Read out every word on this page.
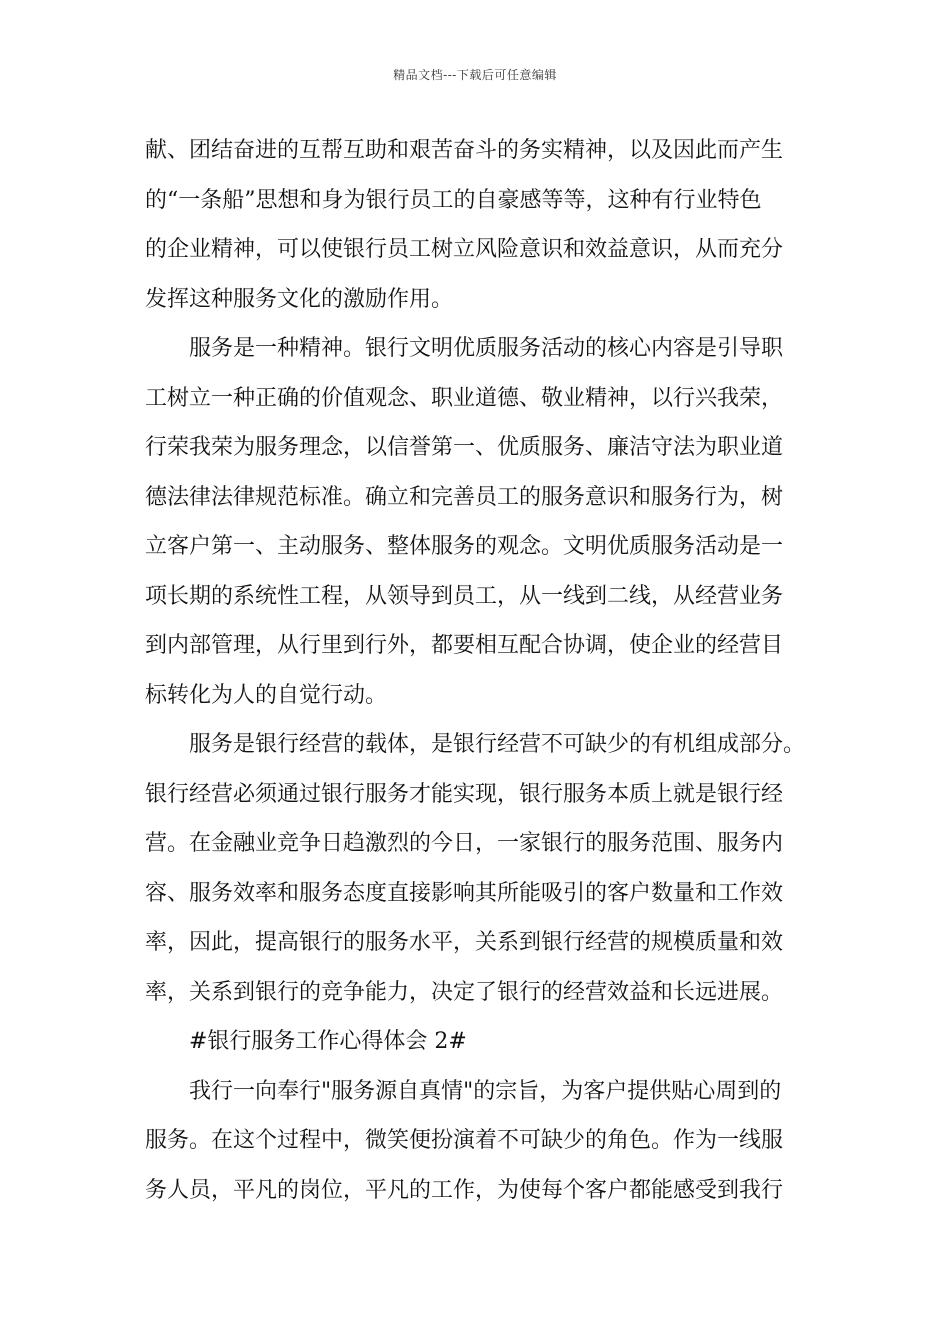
精品文档---下载后可任意编辑
献、团结奋进的互帮互助和艰苦奋斗的务实精神，以及因此而产生
的“一条船”思想和身为银行员工的自豪感等等，这种有行业特色
的企业精神，可以使银行员工树立风险意识和效益意识，从而充分
发挥这种服务文化的激励作用。
服务是一种精神。银行文明优质服务活动的核心内容是引导职
工树立一种正确的价值观念、职业道德、敬业精神，以行兴我荣，
行荣我荣为服务理念，以信誉第一、优质服务、廉洁守法为职业道
德法律法律规范标准。确立和完善员工的服务意识和服务行为，树
立客户第一、主动服务、整体服务的观念。文明优质服务活动是一
项长期的系统性工程，从领导到员工，从一线到二线，从经营业务
到内部管理，从行里到行外，都要相互配合协调，使企业的经营目
标转化为人的自觉行动。
服务是银行经营的载体，是银行经营不可缺少的有机组成部分。
银行经营必须通过银行服务才能实现，银行服务本质上就是银行经
营。在金融业竞争日趋激烈的今日，一家银行的服务范围、服务内
容、服务效率和服务态度直接影响其所能吸引的客户数量和工作效
率，因此，提高银行的服务水平，关系到银行经营的规模质量和效
率，关系到银行的竞争能力，决定了银行的经营效益和长远进展。
#银行服务工作心得体会 2#
我行一向奉行"服务源自真情"的宗旨，为客户提供贴心周到的
服务。在这个过程中，微笑便扮演着不可缺少的角色。作为一线服
务人员，平凡的岗位，平凡的工作，为使每个客户都能感受到我行
